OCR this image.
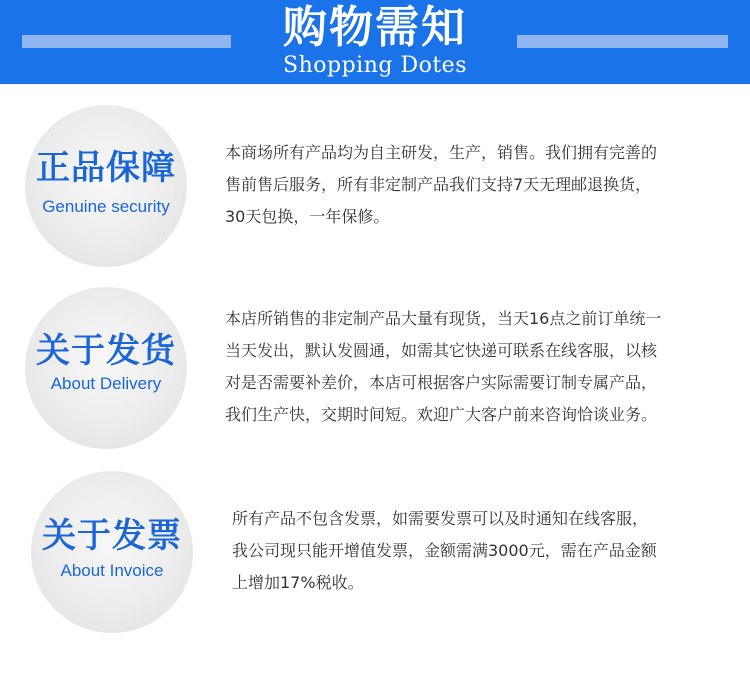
购物需知
Shopping Dotes
正品保障
Genuine security

本商场所有产品均为自主研发，生产，销售。我们拥有完善的
售前售后服务，所有非定制产品我们支持7天无理邮退换货，
30天包换，一年保修。

关于发货
About Delivery

本店所销售的非定制产品大量有现货，当天16点之前订单统一
当天发出，默认发圆通，如需其它快递可联系在线客服，以核
对是否需要补差价，本店可根据客户实际需要订制专属产品，
我们生产快，交期时间短。欢迎广大客户前来咨询恰谈业务。

关于发票
About Invoice

所有产品不包含发票，如需要发票可以及时通知在线客服，
我公司现只能开增值发票，金额需满3000元，需在产品金额
上增加17%税收。
